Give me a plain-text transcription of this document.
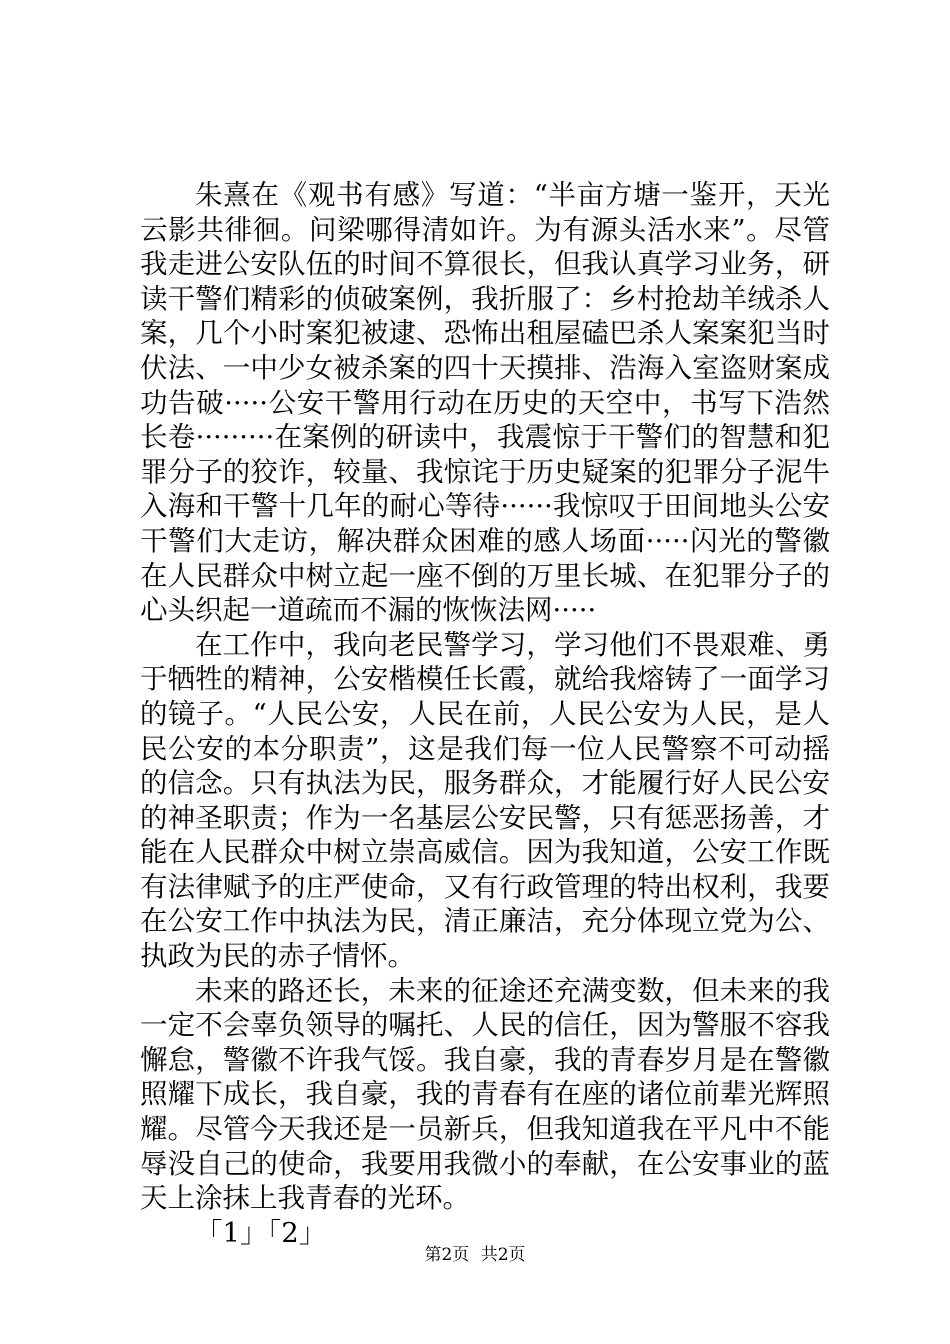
朱熹在《观书有感》写道：“半亩方塘一鉴开，天光云影共徘徊。问梁哪得清如许。为有源头活水来”。尽管我走进公安队伍的时间不算很长，但我认真学习业务，研读干警们精彩的侦破案例，我折服了：乡村抢劫羊绒杀人案，几个小时案犯被逮、恐怖出租屋磕巴杀人案案犯当时伏法、一中少女被杀案的四十天摸排、浩海入室盗财案成功告破·····公安干警用行动在历史的天空中，书写下浩然长卷·········在案例的研读中，我震惊于干警们的智慧和犯罪分子的狡诈，较量、我惊诧于历史疑案的犯罪分子泥牛入海和干警十几年的耐心等待······我惊叹于田间地头公安干警们大走访，解决群众困难的感人场面·····闪光的警徽在人民群众中树立起一座不倒的万里长城、在犯罪分子的心头织起一道疏而不漏的恢恢法网·····

在工作中，我向老民警学习，学习他们不畏艰难、勇于牺牲的精神，公安楷模任长霞，就给我熔铸了一面学习的镜子。“人民公安，人民在前，人民公安为人民，是人民公安的本分职责”，这是我们每一位人民警察不可动摇的信念。只有执法为民，服务群众，才能履行好人民公安的神圣职责；作为一名基层公安民警，只有惩恶扬善，才能在人民群众中树立崇高威信。因为我知道，公安工作既有法律赋予的庄严使命，又有行政管理的特出权利，我要在公安工作中执法为民，清正廉洁，充分体现立党为公、执政为民的赤子情怀。

未来的路还长，未来的征途还充满变数，但未来的我一定不会辜负领导的嘱托、人民的信任，因为警服不容我懈怠，警徽不许我气馁。我自豪，我的青春岁月是在警徽照耀下成长，我自豪，我的青春有在座的诸位前辈光辉照耀。尽管今天我还是一员新兵，但我知道我在平凡中不能辱没自己的使命，我要用我微小的奉献，在公安事业的蓝天上涂抹上我青春的光环。

「1」「2」

第2页 共2页
